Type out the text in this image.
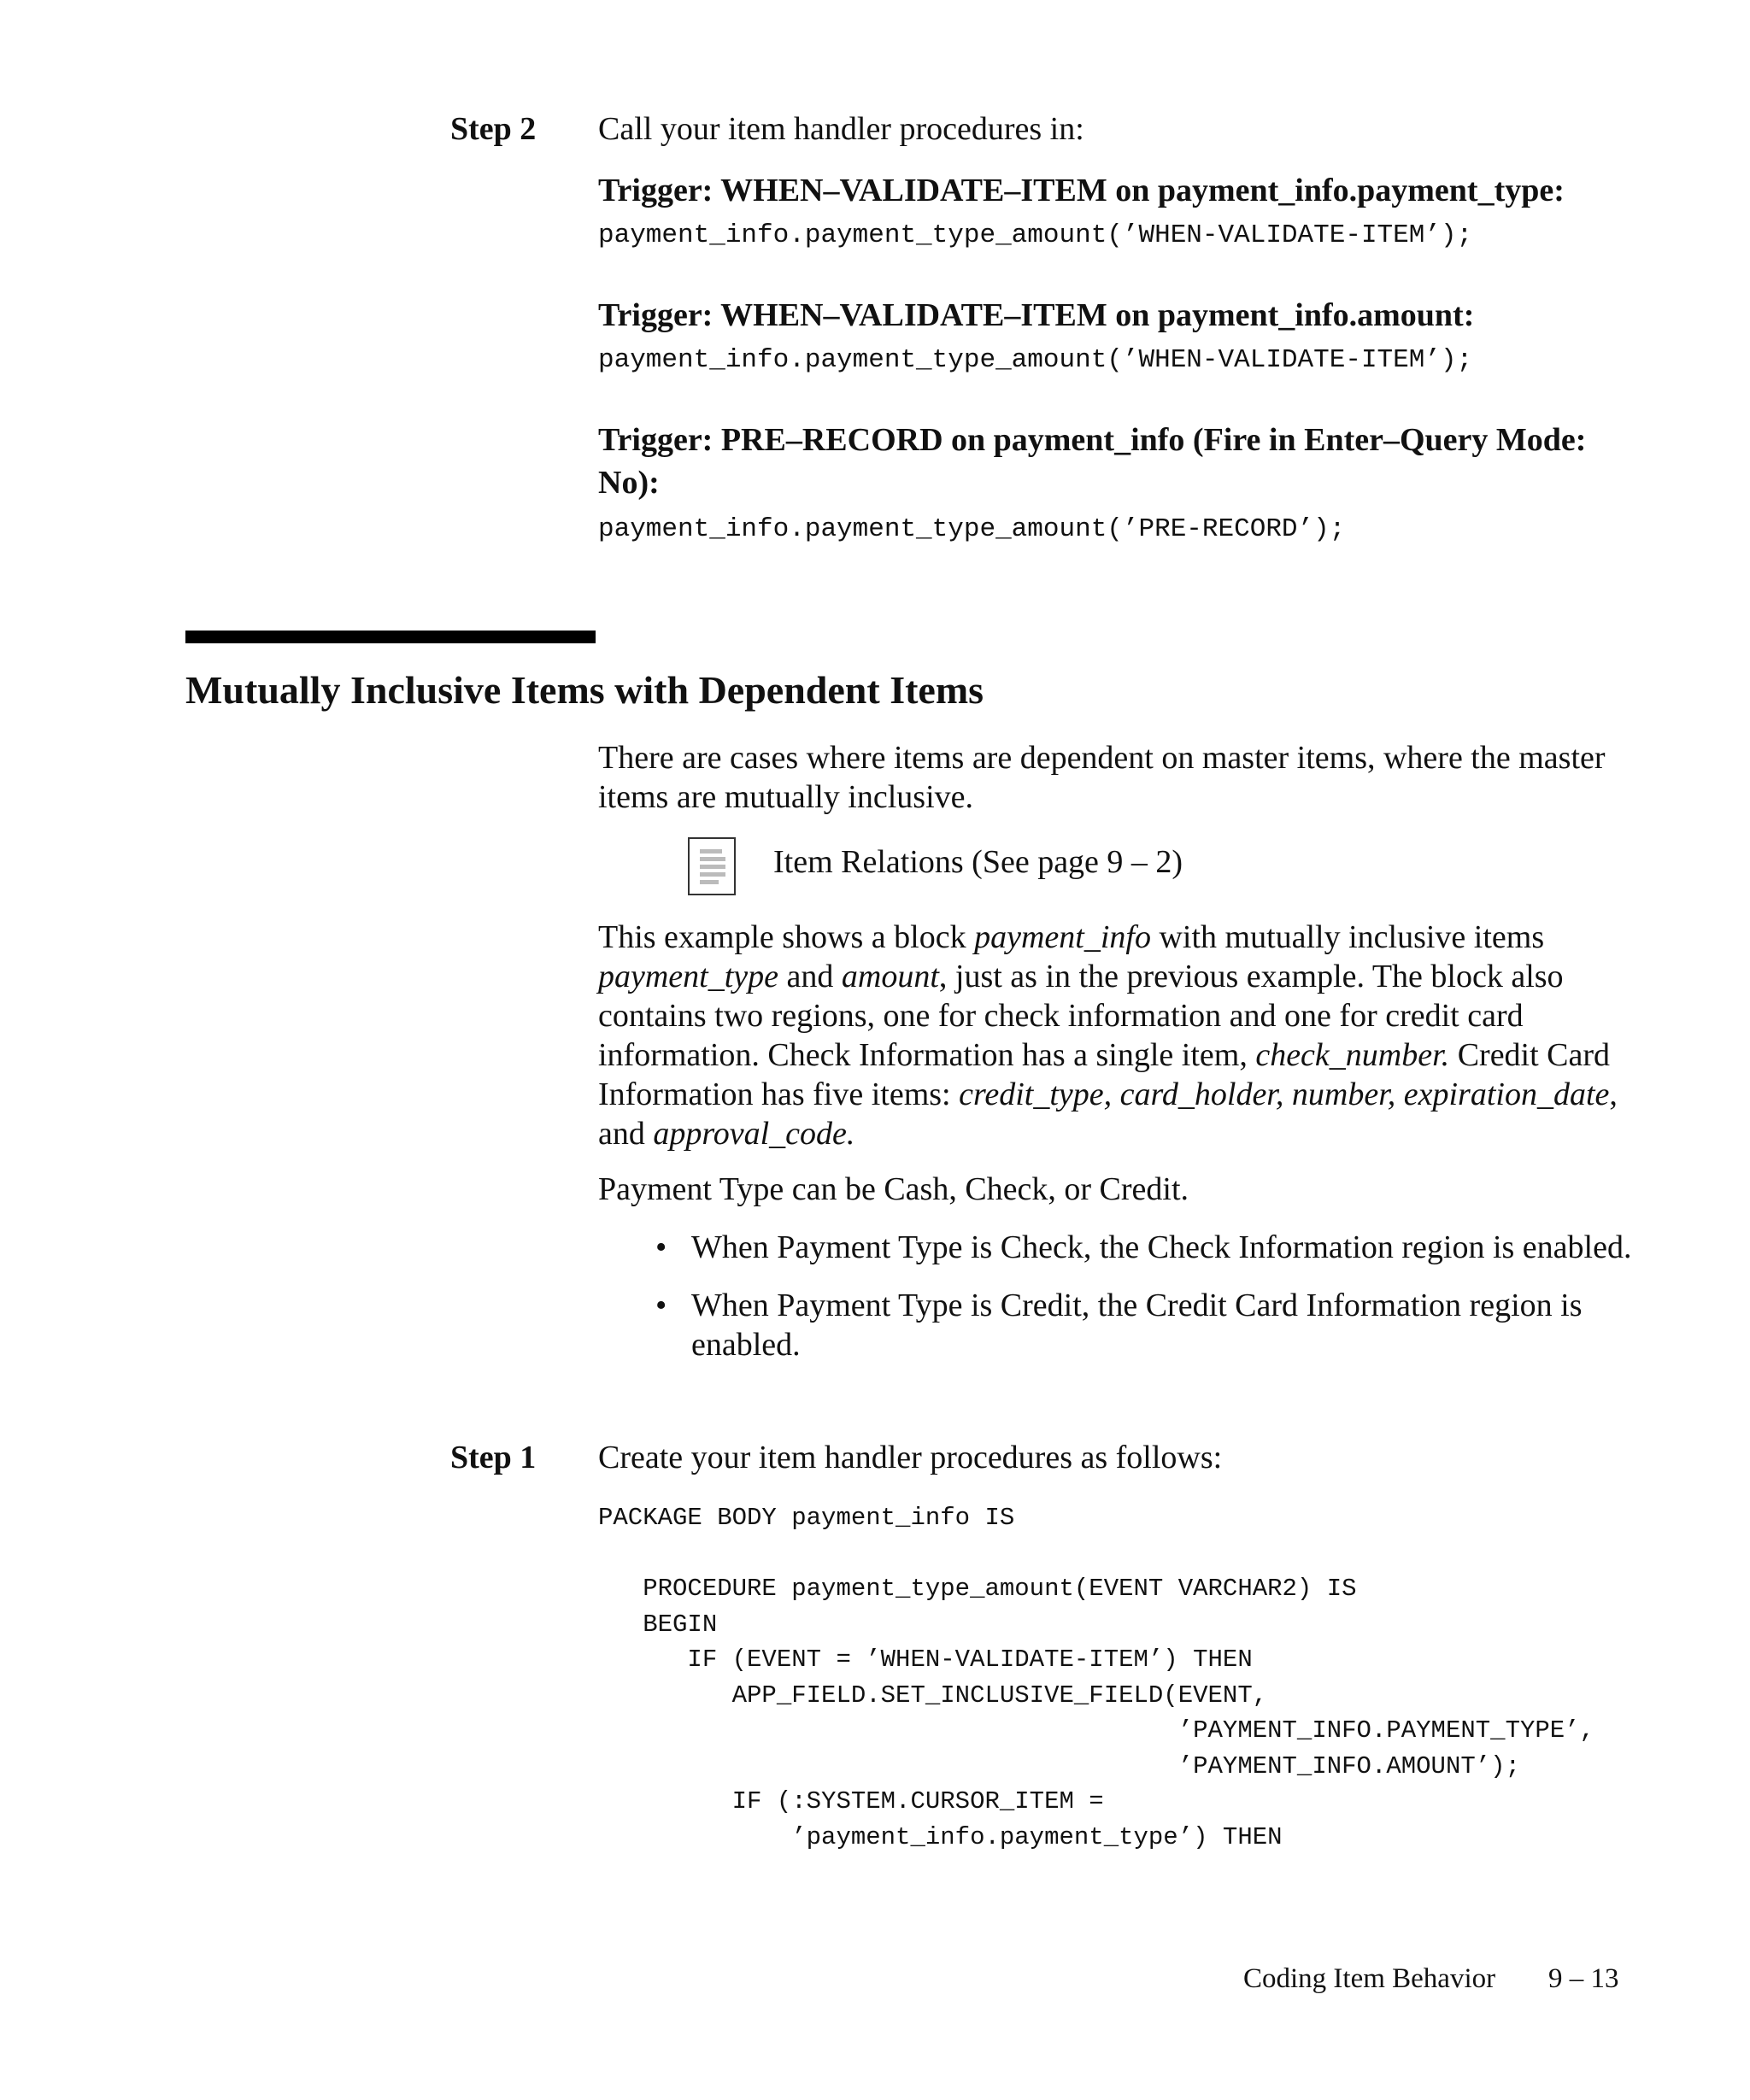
Step 2 Call your item handler procedures in:
Trigger: WHEN–VALIDATE–ITEM on payment_info.payment_type:
payment_info.payment_type_amount(’WHEN-VALIDATE-ITEM’);
Trigger: WHEN–VALIDATE–ITEM on payment_info.amount:
payment_info.payment_type_amount(’WHEN-VALIDATE-ITEM’);
Trigger: PRE–RECORD on payment_info (Fire in Enter–Query Mode: No):
payment_info.payment_type_amount(’PRE-RECORD’);
Mutually Inclusive Items with Dependent Items
There are cases where items are dependent on master items, where the master items are mutually inclusive.
Item Relations (See page 9 – 2)
This example shows a block payment_info with mutually inclusive items payment_type and amount, just as in the previous example. The block also contains two regions, one for check information and one for credit card information. Check Information has a single item, check_number. Credit Card Information has five items: credit_type, card_holder, number, expiration_date, and approval_code.
Payment Type can be Cash, Check, or Credit.
• When Payment Type is Check, the Check Information region is enabled.
• When Payment Type is Credit, the Credit Card Information region is enabled.
Step 1 Create your item handler procedures as follows:
PACKAGE BODY payment_info IS

PROCEDURE payment_type_amount(EVENT VARCHAR2) IS
BEGIN
IF (EVENT = ’WHEN-VALIDATE-ITEM’) THEN
APP_FIELD.SET_INCLUSIVE_FIELD(EVENT,
’PAYMENT_INFO.PAYMENT_TYPE’,
’PAYMENT_INFO.AMOUNT’);
IF (:SYSTEM.CURSOR_ITEM =
’payment_info.payment_type’) THEN
Coding Item Behavior 9 – 13
